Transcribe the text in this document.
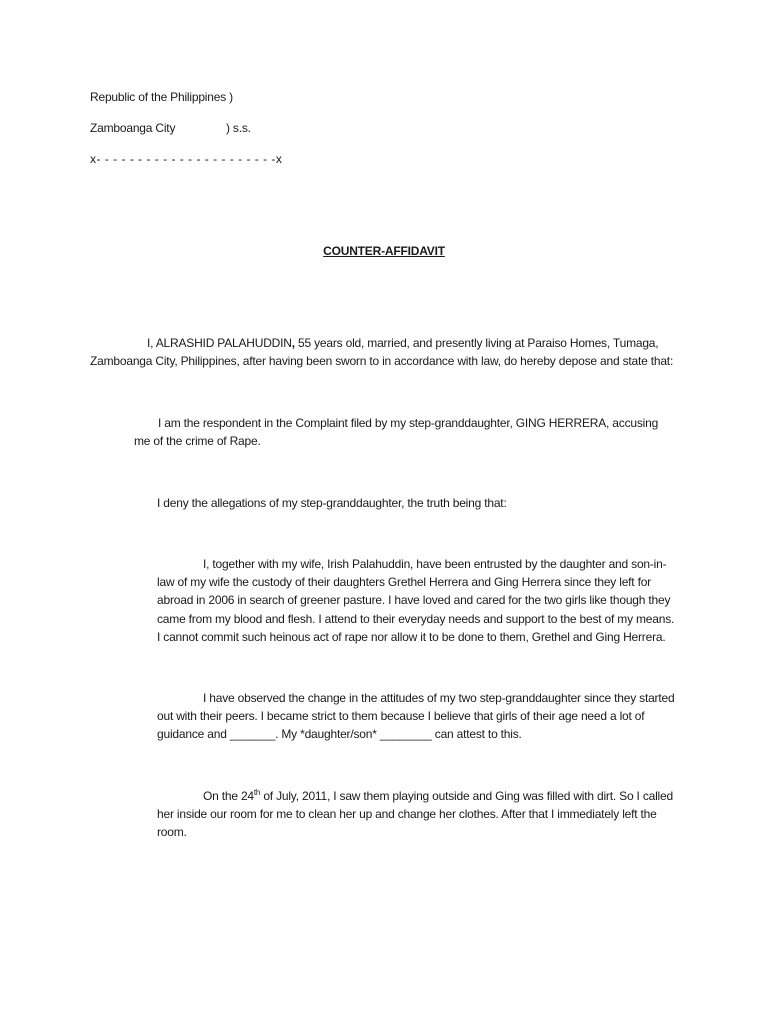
Republic of the Philippines )
Zamboanga City	) s.s.
x- - - - - - - - - - - - - - - - - - - - - -x
COUNTER-AFFIDAVIT
I, ALRASHID PALAHUDDIN, 55 years old, married, and presently living at Paraiso Homes, Tumaga, Zamboanga City, Philippines, after having been sworn to in accordance with law, do hereby depose and state that:
I am the respondent in the Complaint filed by my step-granddaughter, GING HERRERA, accusing me of the crime of Rape.
I deny the allegations of my step-granddaughter, the truth being that:
I, together with my wife, Irish Palahuddin, have been entrusted by the daughter and son-in-law of my wife the custody of their daughters Grethel Herrera and Ging Herrera since they left for abroad in 2006 in search of greener pasture. I have loved and cared for the two girls like though they came from my blood and flesh. I attend to their everyday needs and support to the best of my means. I cannot commit such heinous act of rape nor allow it to be done to them, Grethel and Ging Herrera.
I have observed the change in the attitudes of my two step-granddaughter since they started out with their peers. I became strict to them because I believe that girls of their age need a lot of guidance and _______. My *daughter/son* ________ can attest to this.
On the 24th of July, 2011, I saw them playing outside and Ging was filled with dirt. So I called her inside our room for me to clean her up and change her clothes. After that I immediately left the room.
